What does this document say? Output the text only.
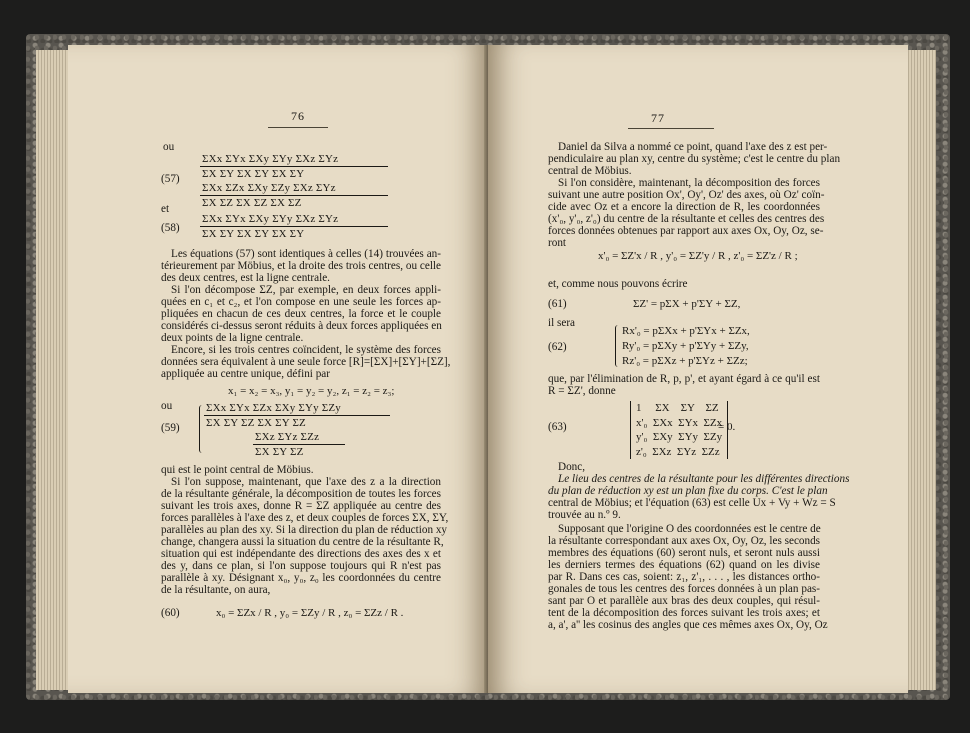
76
ou
(57)
ΣXx ΣYx ΣXy ΣYy ΣXz ΣYz
ΣX ΣY ΣX ΣY ΣX ΣY
ΣXx ΣZx ΣXy ΣZy ΣXz ΣYz
ΣX ΣZ ΣX ΣZ ΣX ΣZ
et
(58)
ΣXx ΣYx ΣXy ΣYy ΣXz ΣYz
ΣX ΣY ΣX ΣY ΣX ΣY
Les équations (57) sont identiques à celles (14) trouvées an-
térieurement par Möbius, et la droite des trois centres, ou celle
des deux centres, est la ligne centrale.
Si l'on décompose ΣZ, par exemple, en deux forces appli-
quées en c₁ et c₂, et l'on compose en une seule les forces ap-
pliquées en chacun de ces deux centres, la force et le couple
considérés ci-dessus seront réduits à deux forces appliquées en
deux points de la ligne centrale.
Encore, si les trois centres coïncident, le système des forces
données sera équivalent à une seule force [R]=[ΣX]+[ΣY]+[ΣZ],
appliquée au centre unique, défini par
x₁ = x₂ = x₃, y₁ = y₂ = y₂, z₁ = z₂ = z₃;
ou
(59)
ΣXx ΣYx ΣZx ΣXy ΣYy ΣZy
ΣX ΣY ΣZ ΣX ΣY ΣZ
ΣXz ΣYz ΣZz
ΣX ΣY ΣZ
qui est le point central de Möbius.
Si l'on suppose, maintenant, que l'axe des z a la direction
de la résultante générale, la décomposition de toutes les forces
suivant les trois axes, donne R = ΣZ appliquée au centre des
forces parallèles à l'axe des z, et deux couples de forces ΣX, ΣY,
parallèles au plan des xy. Si la direction du plan de réduction xy
change, changera aussi la situation du centre de la résultante R,
situation qui est indépendante des directions des axes des x et
des y, dans ce plan, si l'on suppose toujours qui R n'est pas
parallèle à xy. Désignant x₀, y₀, z₀ les coordonnées du centre
de la résultante, on aura,
(60)	x₀ = ΣZx / R , y₀ = ΣZy / R , z₀ = ΣZz / R .
77
Daniel da Silva a nommé ce point, quand l'axe des z est per-
pendiculaire au plan xy, centre du système; c'est le centre du plan
central de Möbius.
Si l'on considère, maintenant, la décomposition des forces
suivant une autre position Ox', Oy', Oz' des axes, où Oz' coïn-
cide avec Oz et a encore la direction de R, les coordonnées
(x'₀, y'₀, z'₀) du centre de la résultante et celles des centres des
forces données obtenues par rapport aux axes Ox, Oy, Oz, se-
ront
x'₀ = ΣZ'x / R , y'₀ = ΣZ'y / R , z'₀ = ΣZ'z / R ;
et, comme nous pouvons écrire
(61)	ΣZ' = pΣX + p'ΣY + ΣZ,
il sera
(62)
Rx'₀ = pΣXx + p'ΣYx + ΣZx,
Ry'₀ = pΣXy + p'ΣYy + ΣZy,
Rz'₀ = pΣXz + p'ΣYz + ΣZz;
que, par l'élimination de R, p, p', et ayant égard à ce qu'il est
R = ΣZ', donne
(63)
1     ΣX    ΣY    ΣZ
x'₀  ΣXx  ΣYx  ΣZx
y'₀  ΣXy  ΣYy  ΣZy
z'₀  ΣXz  ΣYz  ΣZz
= 0.
Donc,
Le lieu des centres de la résultante pour les différentes directions
du plan de réduction xy est un plan fixe du corps. C'est le plan
central de Möbius; et l'équation (63) est celle Ux + Vy + Wz = S
trouvée au n.º 9.
Supposant que l'origine O des coordonnées est le centre de
la résultante correspondant aux axes Ox, Oy, Oz, les seconds
membres des équations (60) seront nuls, et seront nuls aussi
les derniers termes des équations (62) quand on les divise
par R. Dans ces cas, soient: z₁, z'₁, . . . , les distances ortho-
gonales de tous les centres des forces données à un plan pas-
sant par O et parallèle aux bras des deux couples, qui résul-
tent de la décomposition des forces suivant les trois axes; et
a, a', a'' les cosinus des angles que ces mêmes axes Ox, Oy, Oz
